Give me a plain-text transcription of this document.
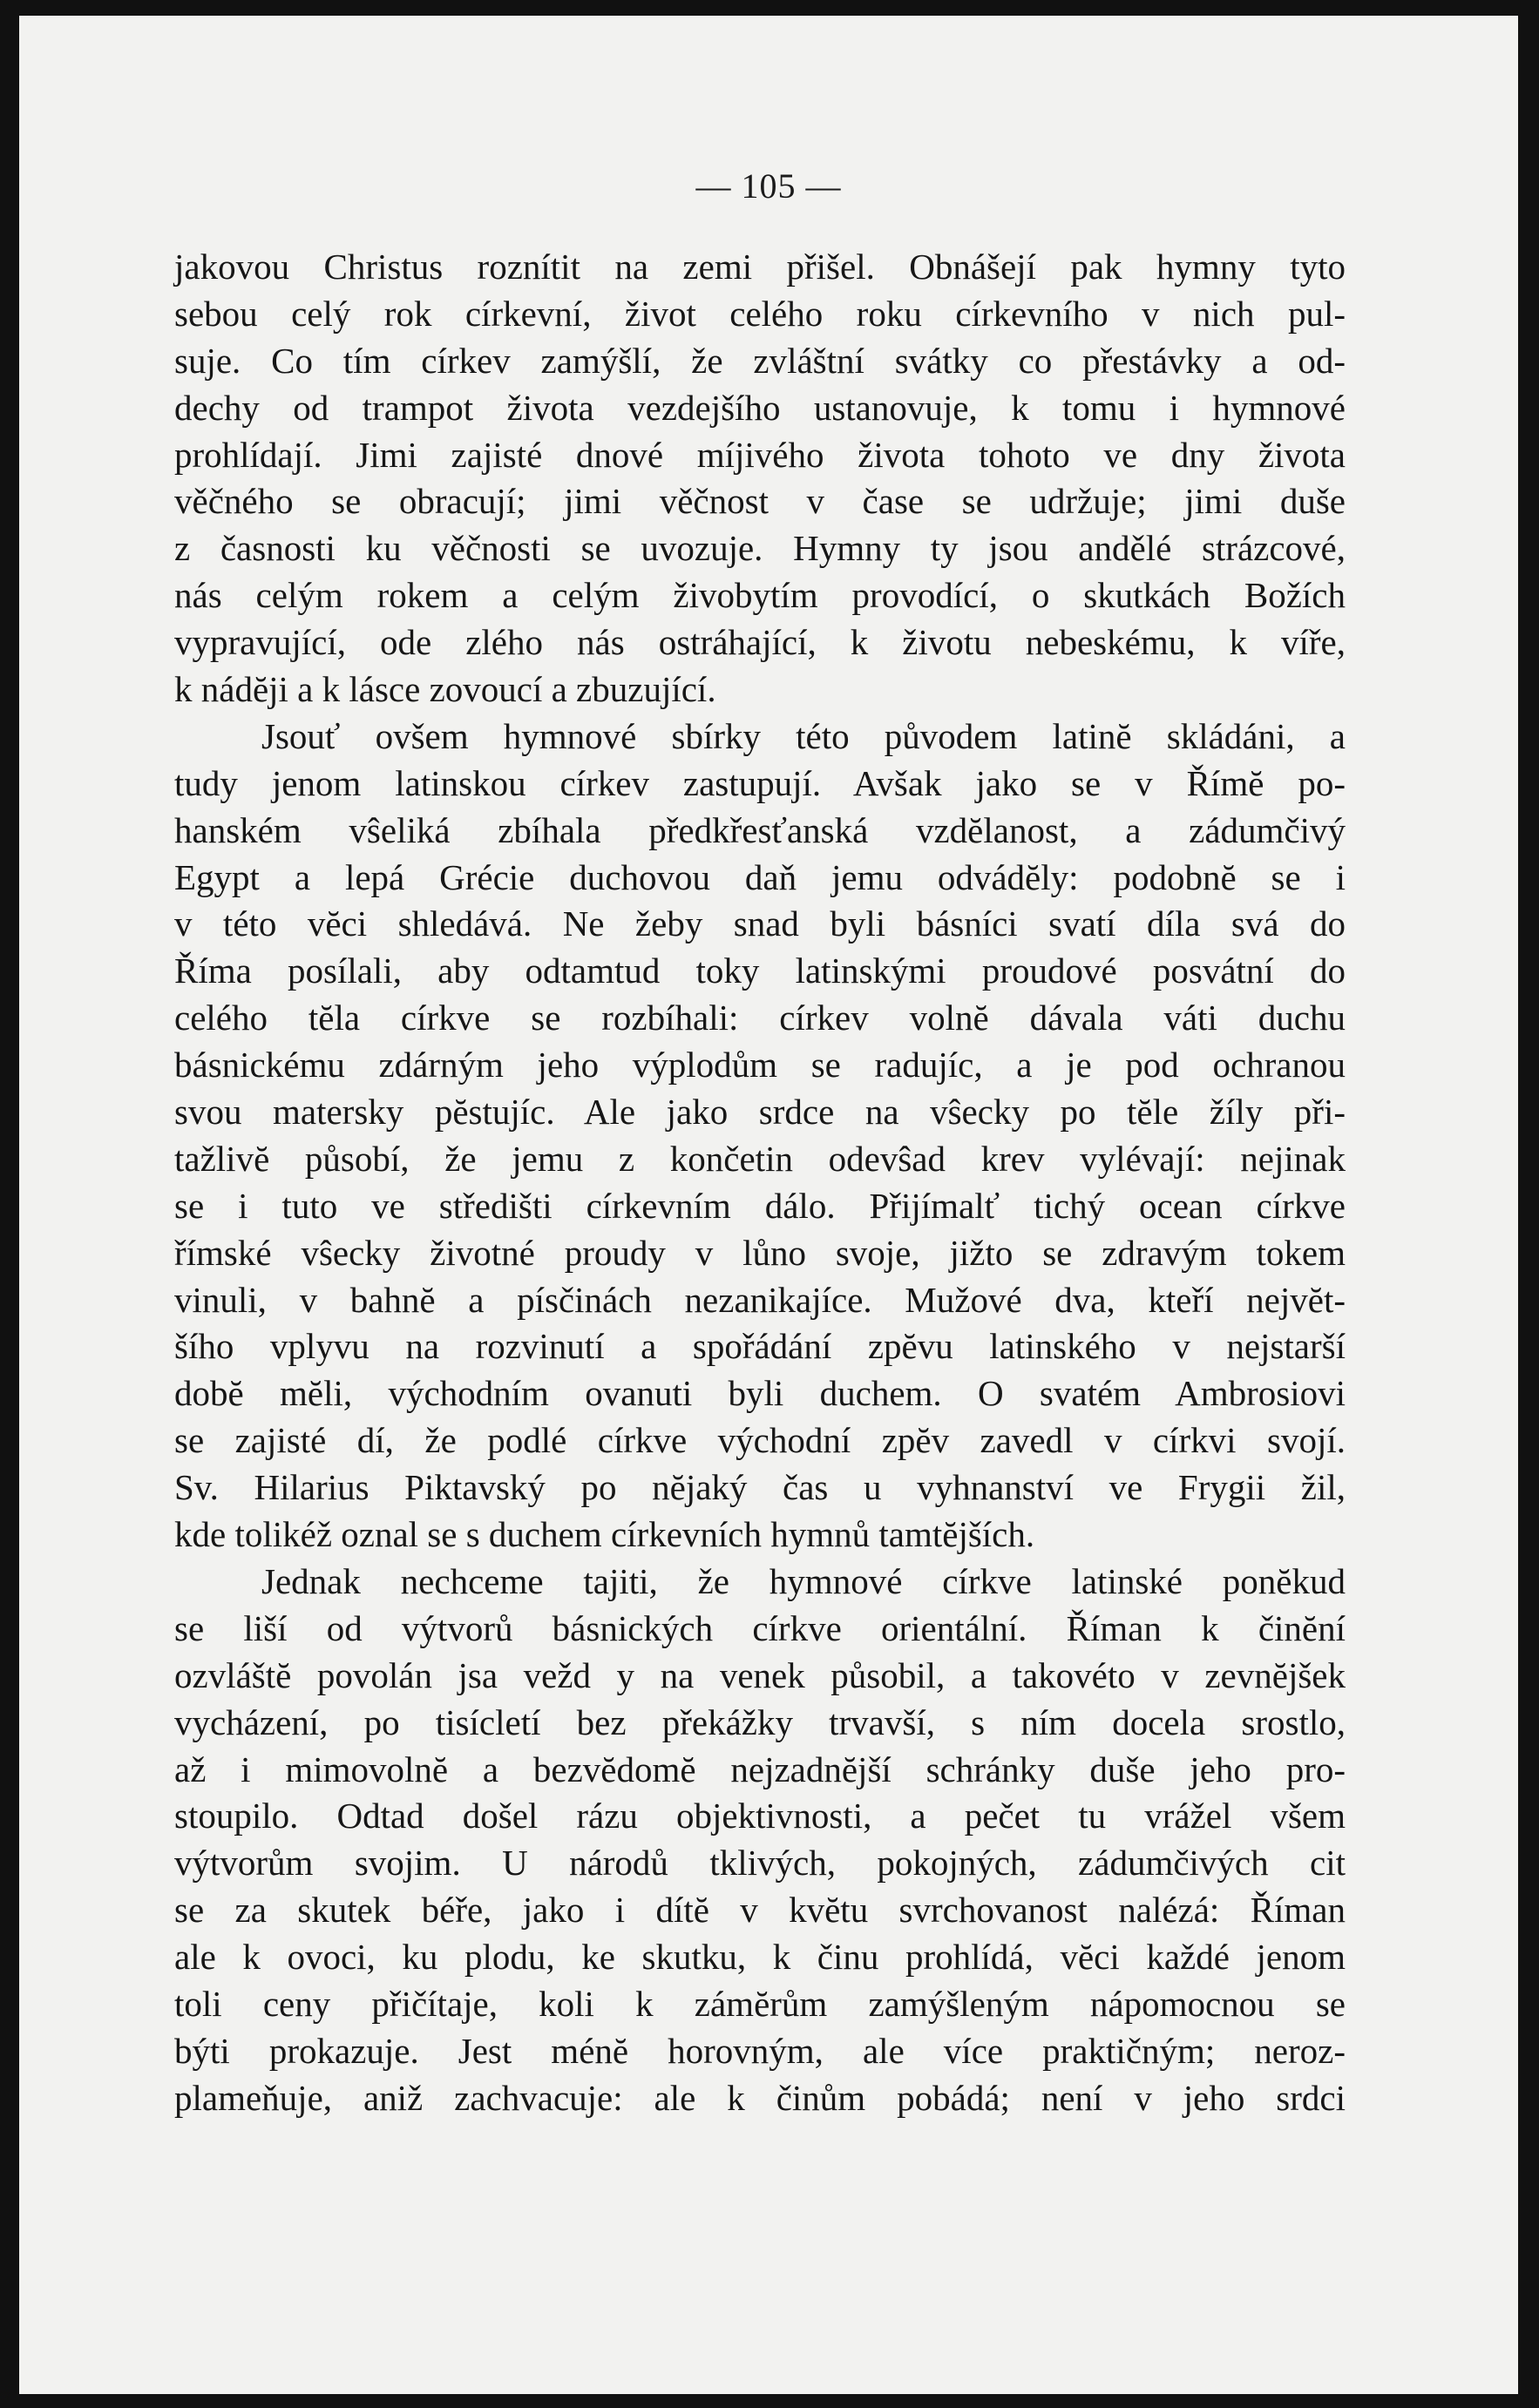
— 105 —
jakovou Christus roznítit na zemi přišel. Obnášejí pak hymny tyto
sebou celý rok církevní, život celého roku církevního v nich pul-
suje. Co tím církev zamýšlí, že zvláštní svátky co přestávky a od-
dechy od trampot života vezdejšího ustanovuje, k tomu i hymnové
prohlídají. Jimi zajisté dnové míjivého života tohoto ve dny života
věčného se obracují; jimi věčnost v čase se udržuje; jimi duše
z časnosti ku věčnosti se uvozuje. Hymny ty jsou andělé strázcové,
nás celým rokem a celým živobytím provodící, o skutkách Božích
vypravující, ode zlého nás ostráhající, k životu nebeskému, k víře,
k nádĕji a k lásce zovoucí a zbuzující.
Jsouť ovšem hymnové sbírky této původem latinĕ skládáni, a
tudy jenom latinskou církev zastupují. Avšak jako se v Římĕ po-
hanském vŝeliká zbíhala předkřesťanská vzdĕlanost, a zádumčivý
Egypt a lepá Grécie duchovou daň jemu odvádĕly: podobnĕ se i
v této vĕci shledává. Ne žeby snad byli básníci svatí díla svá do
Říma posílali, aby odtamtud toky latinskými proudové posvátní do
celého tĕla církve se rozbíhali: církev volnĕ dávala váti duchu
básnickému zdárným jeho výplodům se radujíc, a je pod ochranou
svou matersky pĕstujíc. Ale jako srdce na vŝecky po tĕle žíly při-
tažlivĕ působí, že jemu z končetin odevŝad krev vylévají: nejinak
se i tuto ve středišti církevním dálo. Přijímalť tichý ocean církve
římské vŝecky životné proudy v lůno svoje, jižto se zdravým tokem
vinuli, v bahnĕ a písčinách nezanikajíce. Mužové dva, kteří nejvĕt-
šího vplyvu na rozvinutí a spořádání zpĕvu latinského v nejstarší
dobĕ mĕli, východním ovanuti byli duchem. O svatém Ambrosiovi
se zajisté dí, že podlé církve východní zpĕv zavedl v církvi svojí.
Sv. Hilarius Piktavský po nĕjaký čas u vyhnanství ve Frygii žil,
kde tolikéž oznal se s duchem církevních hymnů tamtĕjších.
Jednak nechceme tajiti, že hymnové církve latinské ponĕkud
se liší od výtvorů básnických církve orientální. Říman k činĕní
ozvláštĕ povolán jsa vežd y na venek působil, a takovéto v zevnĕjšek
vycházení, po tisícletí bez překážky trvavší, s ním docela srostlo,
až i mimovolnĕ a bezvĕdomĕ nejzadnĕjší schránky duše jeho pro-
stoupilo. Odtad došel rázu objektivnosti, a pečet tu vrážel všem
výtvorům svojim. U národů tklivých, pokojných, zádumčivých cit
se za skutek béře, jako i dítĕ v kvĕtu svrchovanost nalézá: Říman
ale k ovoci, ku plodu, ke skutku, k činu prohlídá, vĕci každé jenom
toli ceny přičítaje, koli k zámĕrům zamýšleným nápomocnou se
býti prokazuje. Jest ménĕ horovným, ale více praktičným; neroz-
plameňuje, aniž zachvacuje: ale k činům pobádá; není v jeho srdci
